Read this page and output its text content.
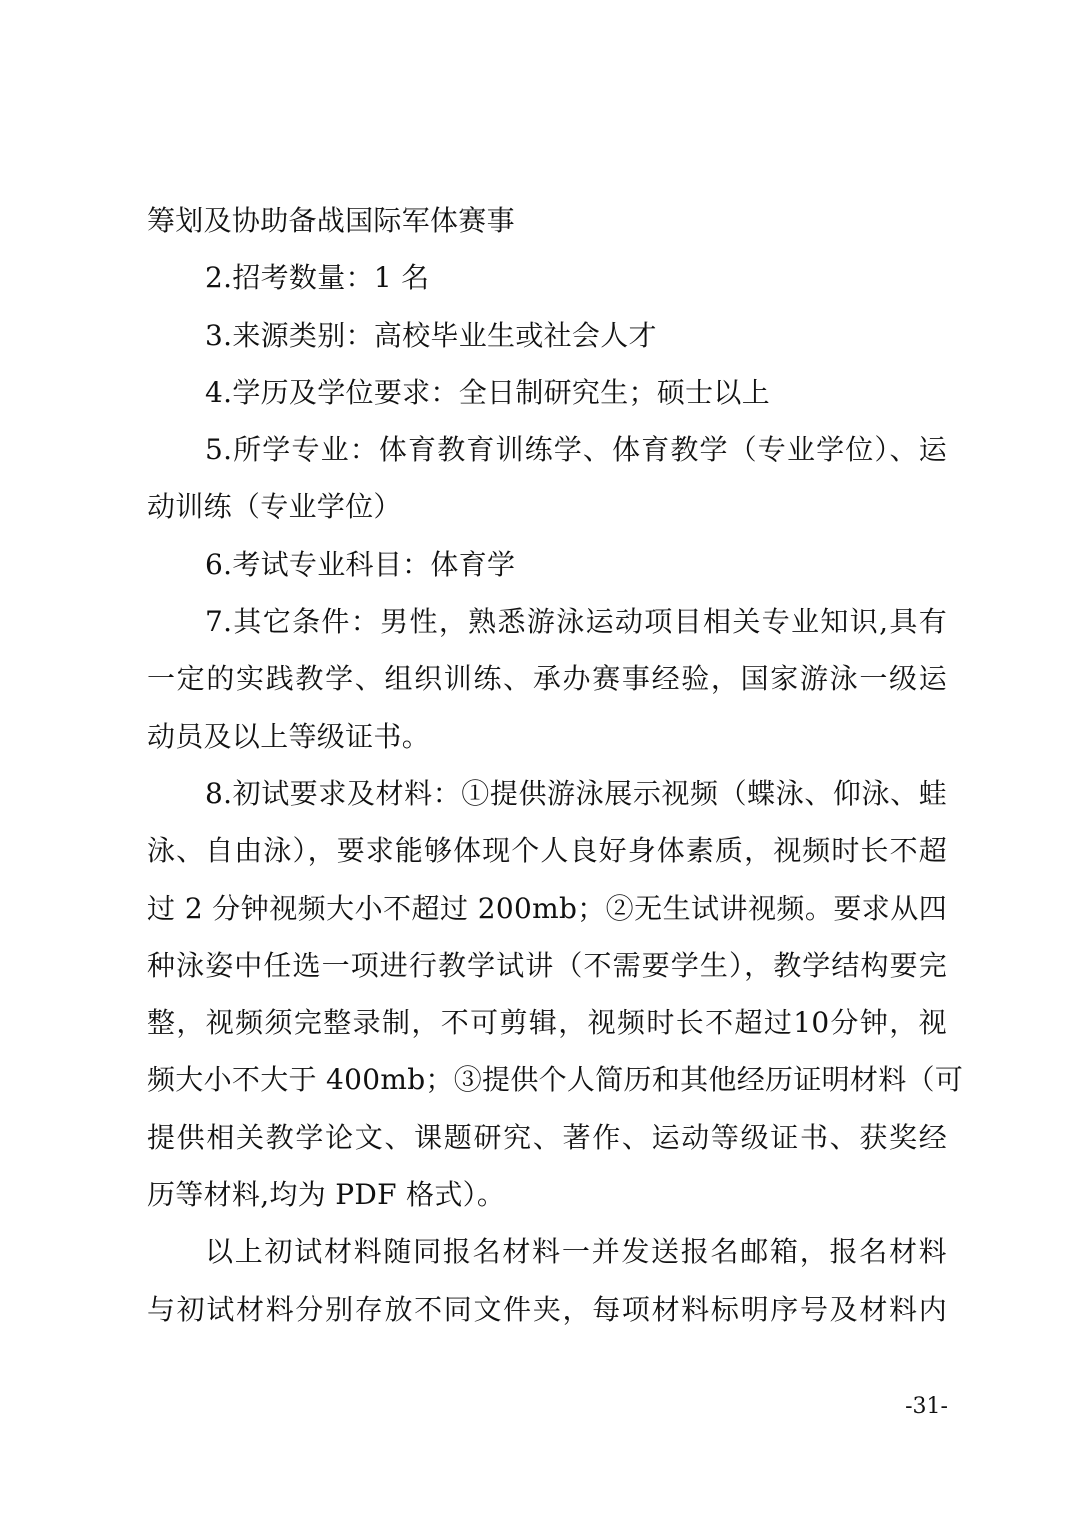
筹划及协助备战国际军体赛事
2.招考数量：1 名
3.来源类别：高校毕业生或社会人才
4.学历及学位要求：全日制研究生；硕士以上
5.所学专业：体育教育训练学、体育教学（专业学位）、运
动训练（专业学位）
6.考试专业科目：体育学
7.其它条件：男性，熟悉游泳运动项目相关专业知识,具有
一定的实践教学、组织训练、承办赛事经验，国家游泳一级运
动员及以上等级证书。
8.初试要求及材料：①提供游泳展示视频（蝶泳、仰泳、蛙
泳、自由泳），要求能够体现个人良好身体素质，视频时长不超
过 2 分钟视频大小不超过 200mb；②无生试讲视频。要求从四
种泳姿中任选一项进行教学试讲（不需要学生），教学结构要完
整，视频须完整录制，不可剪辑，视频时长不超过10分钟，视
频大小不大于 400mb；③提供个人简历和其他经历证明材料（可
提供相关教学论文、课题研究、著作、运动等级证书、获奖经
历等材料,均为 PDF 格式）。
以上初试材料随同报名材料一并发送报名邮箱，报名材料
与初试材料分别存放不同文件夹，每项材料标明序号及材料内
-31-
